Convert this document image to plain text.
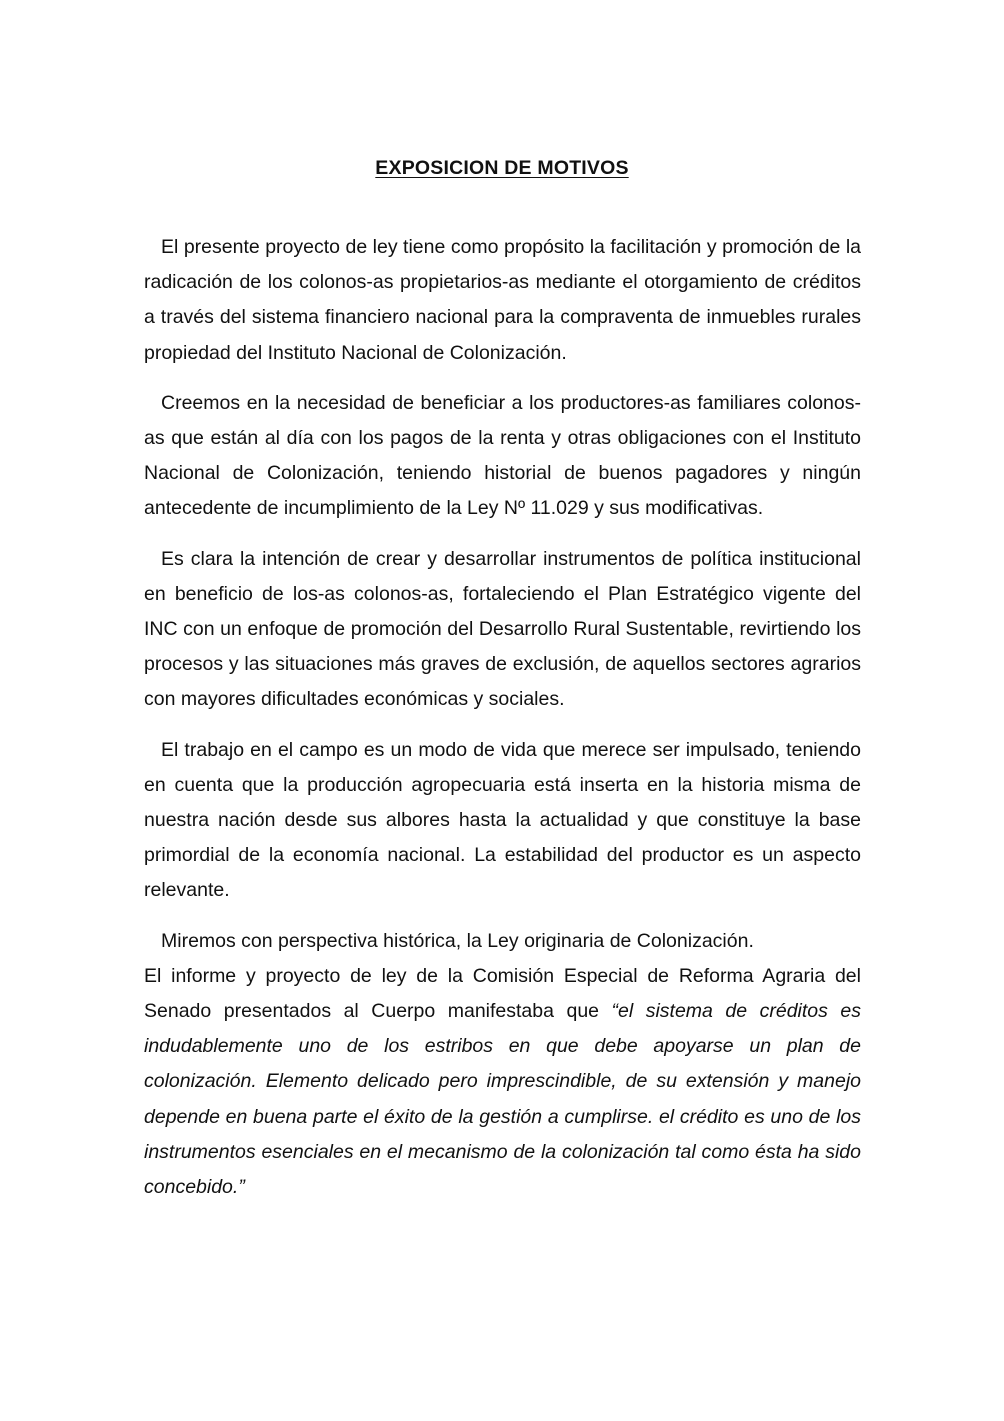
EXPOSICION DE MOTIVOS

El presente proyecto de ley tiene como propósito la facilitación y promoción de la radicación de los colonos-as propietarios-as mediante el otorgamiento de créditos a través del sistema financiero nacional para la compraventa de inmuebles rurales propiedad del Instituto Nacional de Colonización.

Creemos en la necesidad de beneficiar a los productores-as familiares colonos-as que están al día con los pagos de la renta y otras obligaciones con el Instituto Nacional de Colonización, teniendo historial de buenos pagadores y ningún antecedente de incumplimiento de la Ley Nº 11.029 y sus modificativas.

Es clara la intención de crear y desarrollar instrumentos de política institucional en beneficio de los-as colonos-as, fortaleciendo el Plan Estratégico vigente del INC con un enfoque de promoción del Desarrollo Rural Sustentable, revirtiendo los procesos y las situaciones más graves de exclusión, de aquellos sectores agrarios con mayores dificultades económicas y sociales.

El trabajo en el campo es un modo de vida que merece ser impulsado, teniendo en cuenta que la producción agropecuaria está inserta en la historia misma de nuestra nación desde sus albores hasta la actualidad y que constituye la base primordial de la economía nacional. La estabilidad del productor es un aspecto relevante.

Miremos con perspectiva histórica, la Ley originaria de Colonización.

El informe y proyecto de ley de la Comisión Especial de Reforma Agraria del Senado presentados al Cuerpo manifestaba que “el sistema de créditos es indudablemente uno de los estribos en que debe apoyarse un plan de colonización. Elemento delicado pero imprescindible, de su extensión y manejo depende en buena parte el éxito de la gestión a cumplirse. el crédito es uno de los instrumentos esenciales en el mecanismo de la colonización tal como ésta ha sido concebido.”
